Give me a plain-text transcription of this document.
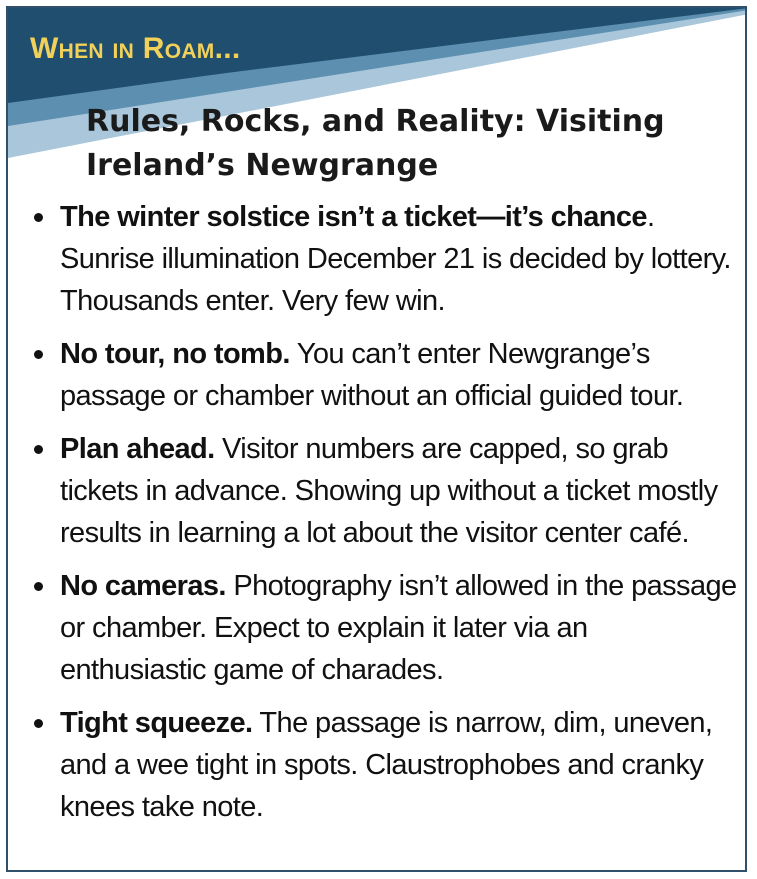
When in Roam...
Rules, Rocks, and Reality: Visiting Ireland’s Newgrange
The winter solstice isn’t a ticket—it’s chance. Sunrise illumination December 21 is decided by lottery. Thousands enter. Very few win.
No tour, no tomb. You can’t enter Newgrange’s passage or chamber without an official guided tour.
Plan ahead. Visitor numbers are capped, so grab tickets in advance. Showing up without a ticket mostly results in learning a lot about the visitor center café.
No cameras. Photography isn’t allowed in the passage or chamber. Expect to explain it later via an enthusiastic game of charades.
Tight squeeze. The passage is narrow, dim, uneven, and a wee tight in spots. Claustrophobes and cranky knees take note.
